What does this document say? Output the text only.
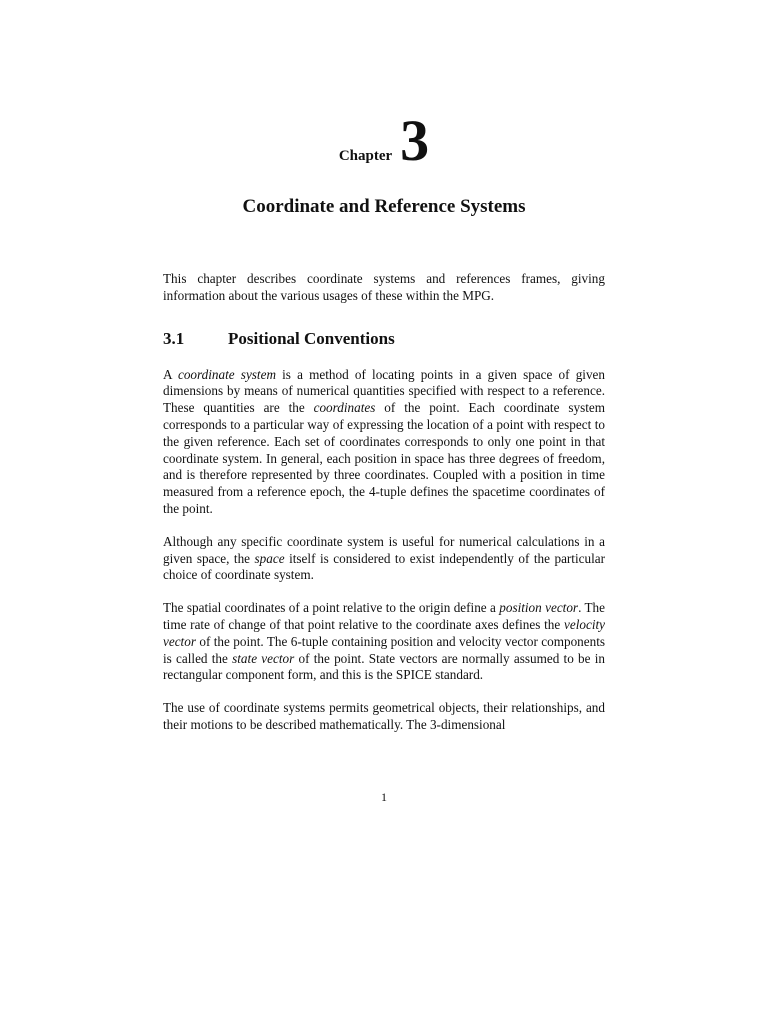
Chapter 3
Coordinate and Reference Systems

This chapter describes coordinate systems and references frames, giving information about the various usages of these within the MPG.

3.1	Positional Conventions

A coordinate system is a method of locating points in a given space of given dimensions by means of numerical quantities specified with respect to a reference. These quantities are the coordinates of the point. Each coordinate system corresponds to a particular way of expressing the location of a point with respect to the given reference. Each set of coordinates corresponds to only one point in that coordinate system. In general, each position in space has three degrees of freedom, and is therefore represented by three coordinates. Coupled with a position in time measured from a reference epoch, the 4-tuple defines the spacetime coordinates of the point.

Although any specific coordinate system is useful for numerical calculations in a given space, the space itself is considered to exist independently of the particular choice of coordinate system.

The spatial coordinates of a point relative to the origin define a position vector. The time rate of change of that point relative to the coordinate axes defines the velocity vector of the point. The 6-tuple containing position and velocity vector components is called the state vector of the point. State vectors are normally assumed to be in rectangular component form, and this is the SPICE standard.

The use of coordinate systems permits geometrical objects, their relationships, and their motions to be described mathematically. The 3-dimensional

1
